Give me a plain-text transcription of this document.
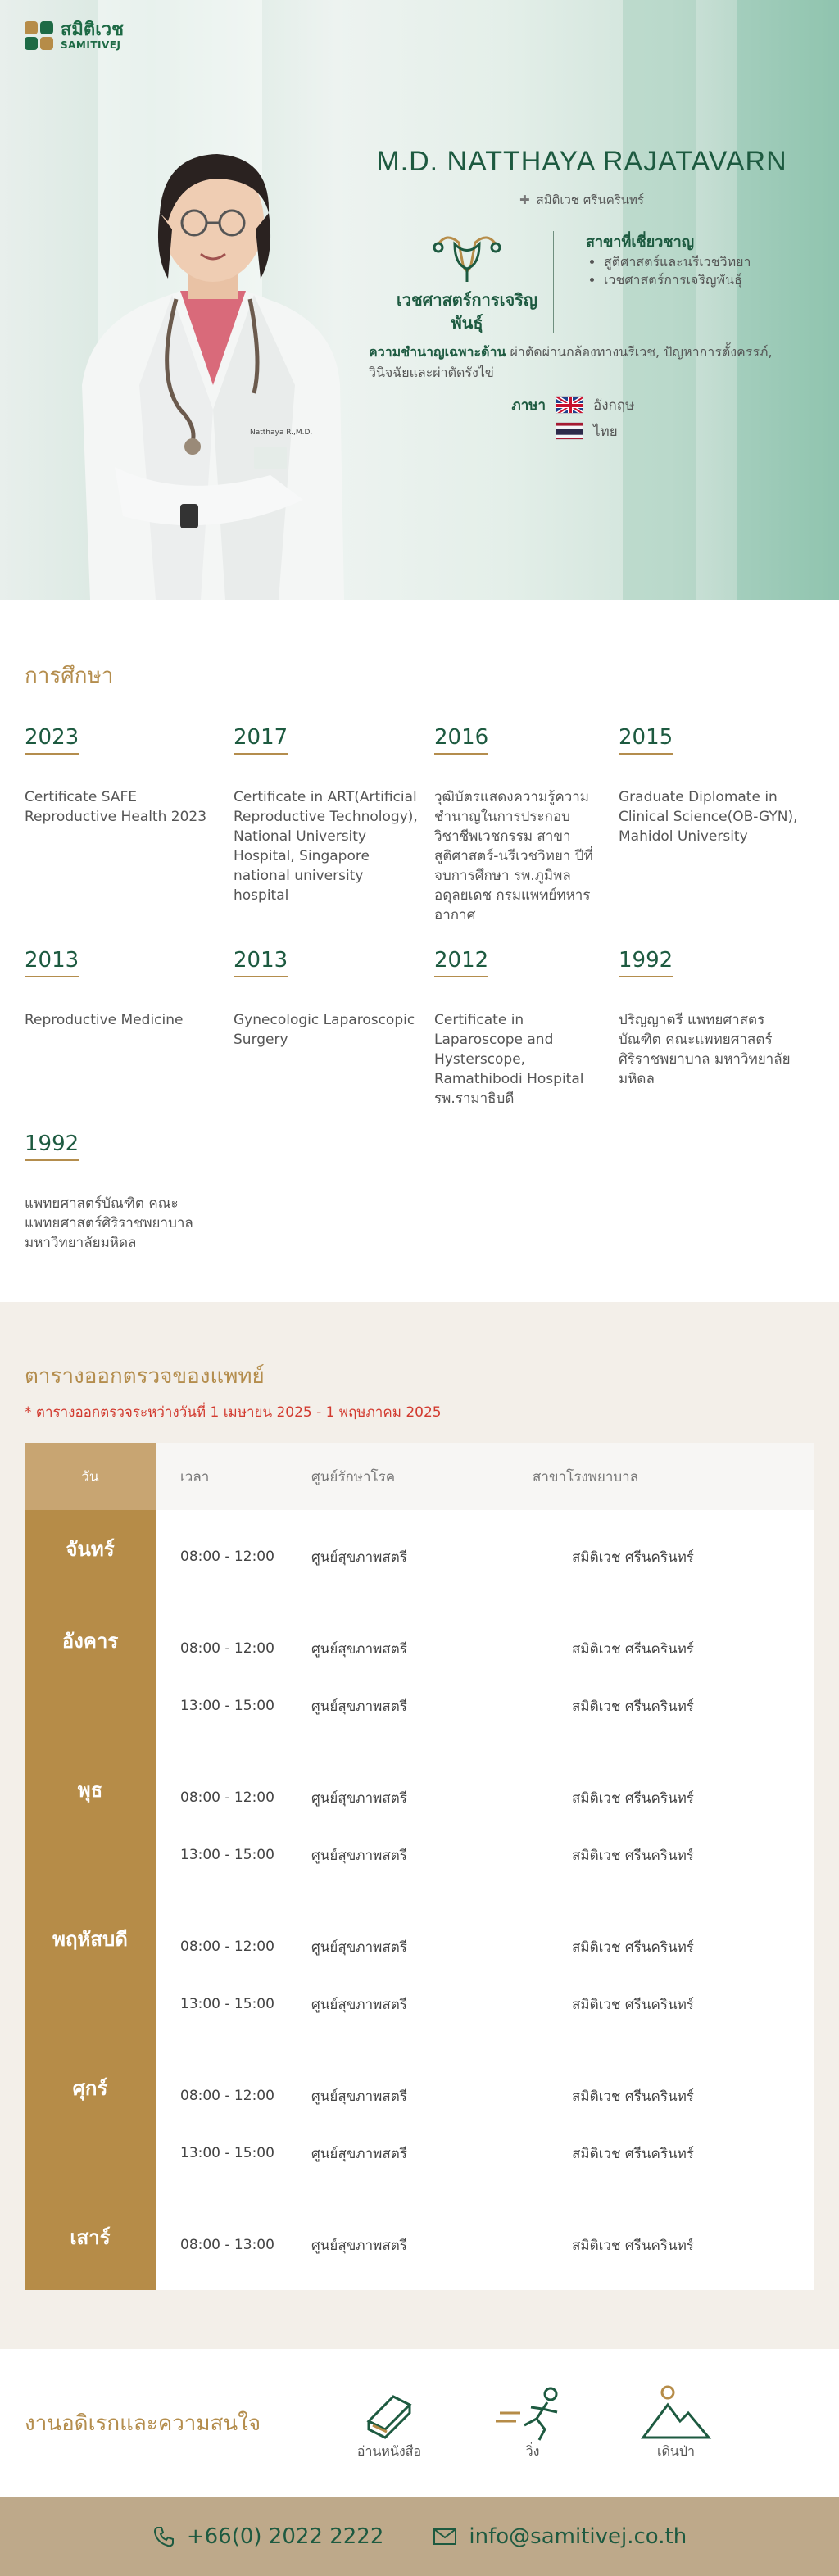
สมิติเวช
SAMITIVEJ
Natthaya R.,M.D.
M.D. NATTHAYA RAJATAVARN
✚ สมิติเวช ศรีนครินทร์
เวชศาสตร์การเจริญพันธุ์
สาขาที่เชี่ยวชาญ
• สูติศาสตร์และนรีเวชวิทยา
• เวชศาสตร์การเจริญพันธุ์
ความชำนาญเฉพาะด้าน ผ่าตัดผ่านกล้องทางนรีเวช, ปัญหาการตั้งครรภ์, วินิจฉัยและผ่าตัดรังไข่
ภาษา	อังกฤษ
ไทย
การศึกษา
2023
Certificate SAFE Reproductive Health 2023
2017
Certificate in ART(Artificial Reproductive Technology), National University Hospital, Singapore national university hospital
2016
วุฒิบัตรแสดงความรู้ความชำนาญในการประกอบวิชาชีพเวชกรรม สาขาสูติศาสตร์-นรีเวชวิทยา ปีที่จบการศึกษา รพ.ภูมิพลอดุลยเดช กรมแพทย์ทหารอากาศ
2015
Graduate Diplomate in Clinical Science(OB-GYN), Mahidol University
2013
Reproductive Medicine
2013
Gynecologic Laparoscopic Surgery
2012
Certificate in Laparoscope and Hysterscope, Ramathibodi Hospital รพ.รามาธิบดี
1992
ปริญญาตรี แพทยศาสตรบัณฑิต คณะแพทยศาสตร์ศิริราชพยาบาล มหาวิทยาลัยมหิดล
1992
แพทยศาสตร์บัณฑิต คณะแพทยศาสตร์ศิริราชพยาบาล มหาวิทยาลัยมหิดล
ตารางออกตรวจของแพทย์
* ตารางออกตรวจระหว่างวันที่ 1 เมษายน 2025 - 1 พฤษภาคม 2025
วัน	เวลา	ศูนย์รักษาโรค	สาขาโรงพยาบาล
จันทร์	08:00 - 12:00	ศูนย์สุขภาพสตรี	สมิติเวช ศรีนครินทร์
อังคาร	08:00 - 12:00	ศูนย์สุขภาพสตรี	สมิติเวช ศรีนครินทร์
13:00 - 15:00	ศูนย์สุขภาพสตรี	สมิติเวช ศรีนครินทร์
พุธ	08:00 - 12:00	ศูนย์สุขภาพสตรี	สมิติเวช ศรีนครินทร์
13:00 - 15:00	ศูนย์สุขภาพสตรี	สมิติเวช ศรีนครินทร์
พฤหัสบดี	08:00 - 12:00	ศูนย์สุขภาพสตรี	สมิติเวช ศรีนครินทร์
13:00 - 15:00	ศูนย์สุขภาพสตรี	สมิติเวช ศรีนครินทร์
ศุกร์	08:00 - 12:00	ศูนย์สุขภาพสตรี	สมิติเวช ศรีนครินทร์
13:00 - 15:00	ศูนย์สุขภาพสตรี	สมิติเวช ศรีนครินทร์
เสาร์	08:00 - 13:00	ศูนย์สุขภาพสตรี	สมิติเวช ศรีนครินทร์
งานอดิเรกและความสนใจ
อ่านหนังสือ	วิ่ง	เดินป่า
+66(0) 2022 2222	info@samitivej.co.th
